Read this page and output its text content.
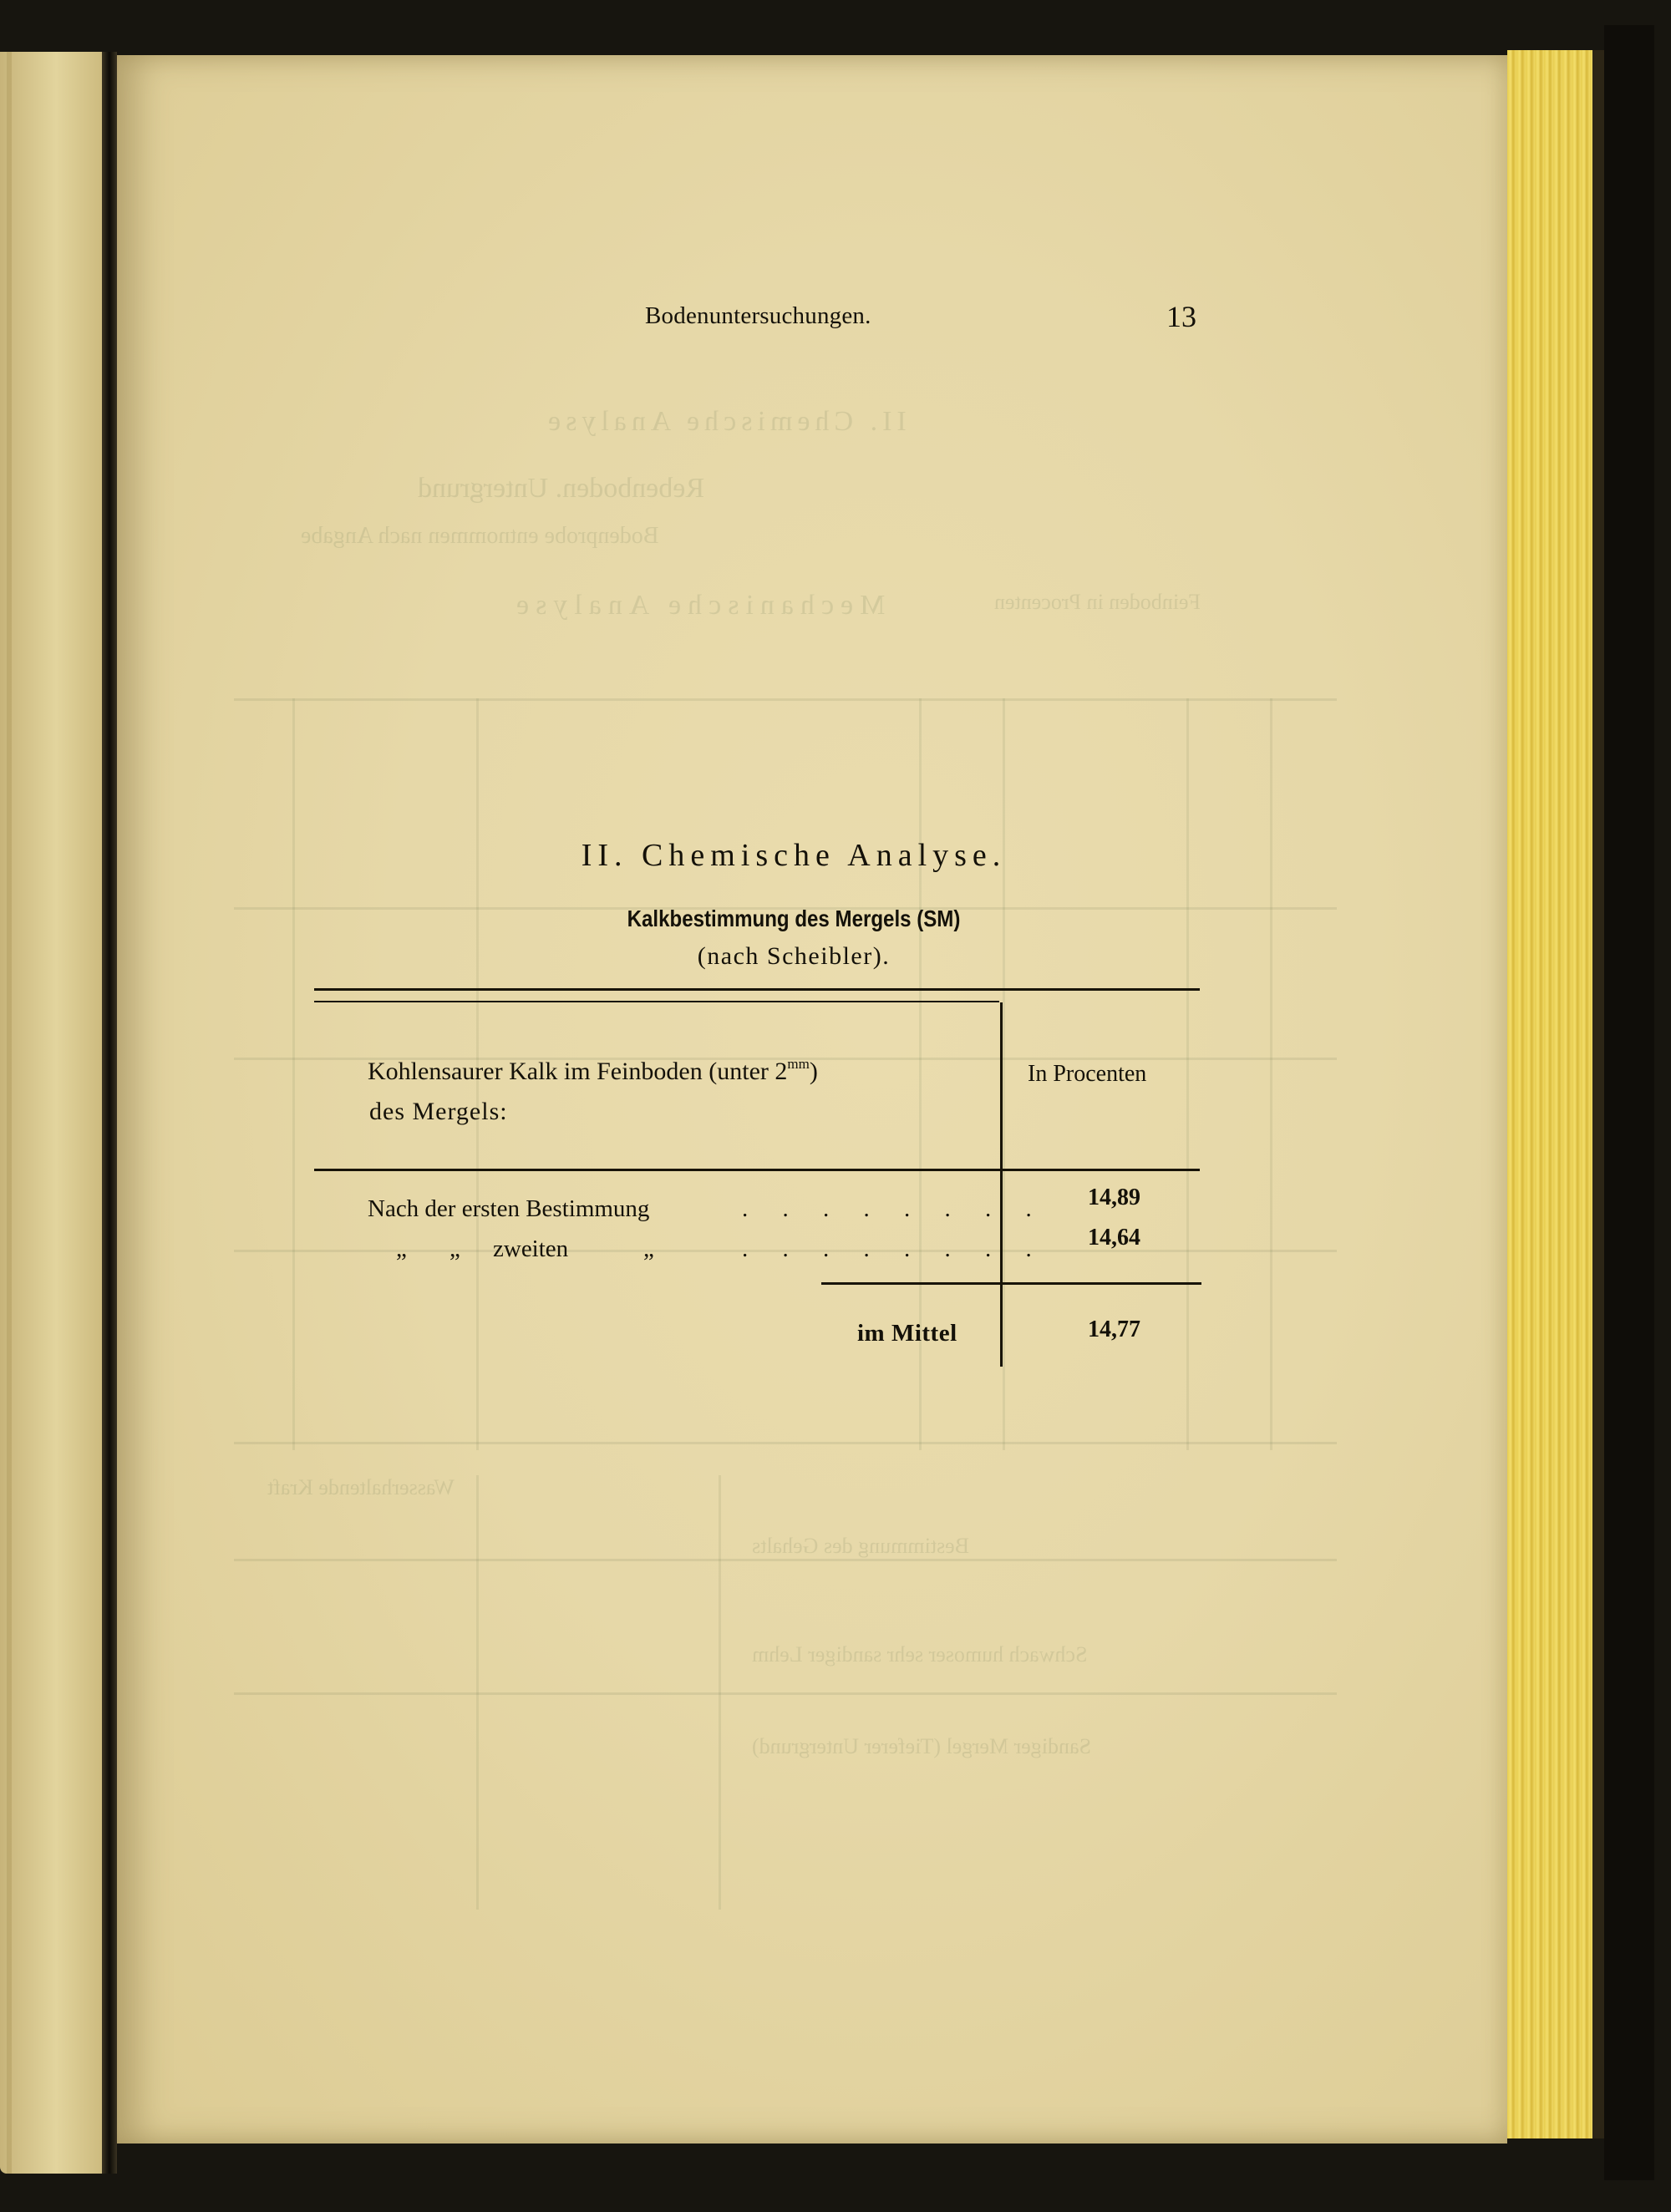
II. Chemische Analyse
Rebenboden. Untergrund
Bodenprobe entnommen nach Angabe
Mechanische Analyse	Feinboden in Procenten
Wasserhaltende Kraft
Bestimmung des Gehalts
Schwach humoser sehr sandiger Lehm
Sandiger Mergel (Tieferer Untergrund)
Bodenuntersuchungen.	13
II. Chemische Analyse.
Kalkbestimmung des Mergels (SM)
(nach Scheibler).
Kohlensaurer Kalk im Feinboden (unter $2^{mm}$)
des Mergels:
In Procenten
Nach der ersten Bestimmung	. . . . . . . .	14,89
„ „ zweiten	„	. . . . . . . .	14,64
im Mittel	14,77
